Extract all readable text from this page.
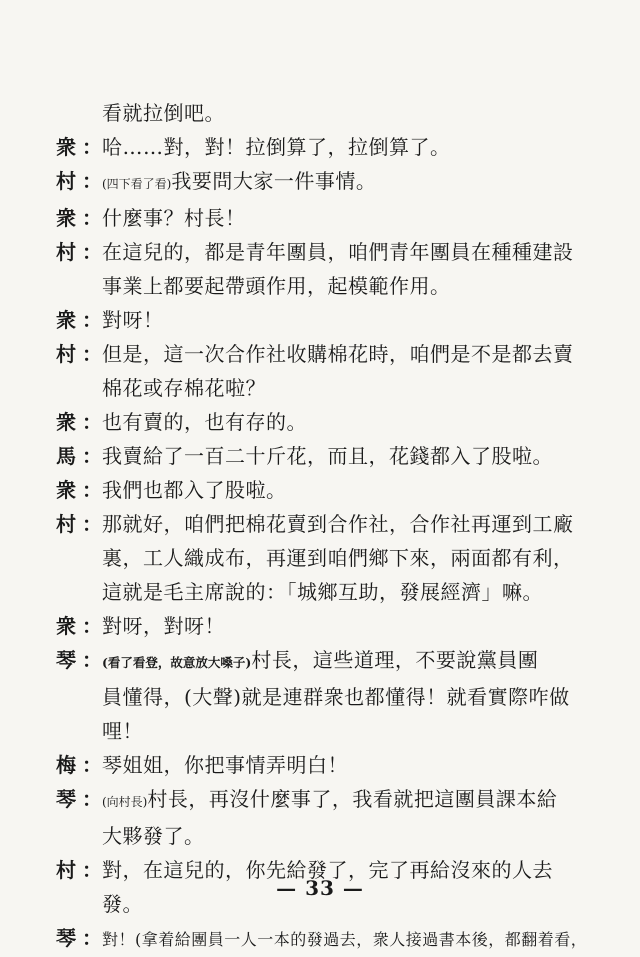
看就拉倒吧。
衆 ： 哈……對，對！拉倒算了，拉倒算了。
村 ： (四下看了看)我要問大家一件事情。
衆 ： 什麼事？村長！
村 ： 在這兒的，都是青年團員，咱們青年團員在種種建設
事業上都要起帶頭作用，起模範作用。
衆 ： 對呀！
村 ： 但是，這一次合作社收購棉花時，咱們是不是都去賣
棉花或存棉花啦？
衆 ： 也有賣的，也有存的。
馬 ： 我賣給了一百二十斤花，而且，花錢都入了股啦。
衆 ： 我們也都入了股啦。
村 ： 那就好，咱們把棉花賣到合作社，合作社再運到工廠
裏，工人織成布，再運到咱們鄉下來，兩面都有利，
這就是毛主席說的：「城鄉互助，發展經濟」嘛。
衆 ： 對呀，對呀！
琴 ： (看了看登，故意放大嗓子)村長，這些道理，不要說黨員團
員懂得，(大聲)就是連群衆也都懂得！就看實際咋做
哩！
梅 ： 琴姐姐，你把事情弄明白！
琴 ： (向村長)村長，再沒什麼事了，我看就把這團員課本給
大夥發了。
村 ： 對，在這兒的，你先給發了，完了再給沒來的人去
發。
琴 ： 對！(拿着給團員一人一本的發過去，衆人接過書本後，都翻着看，
— 33 —
